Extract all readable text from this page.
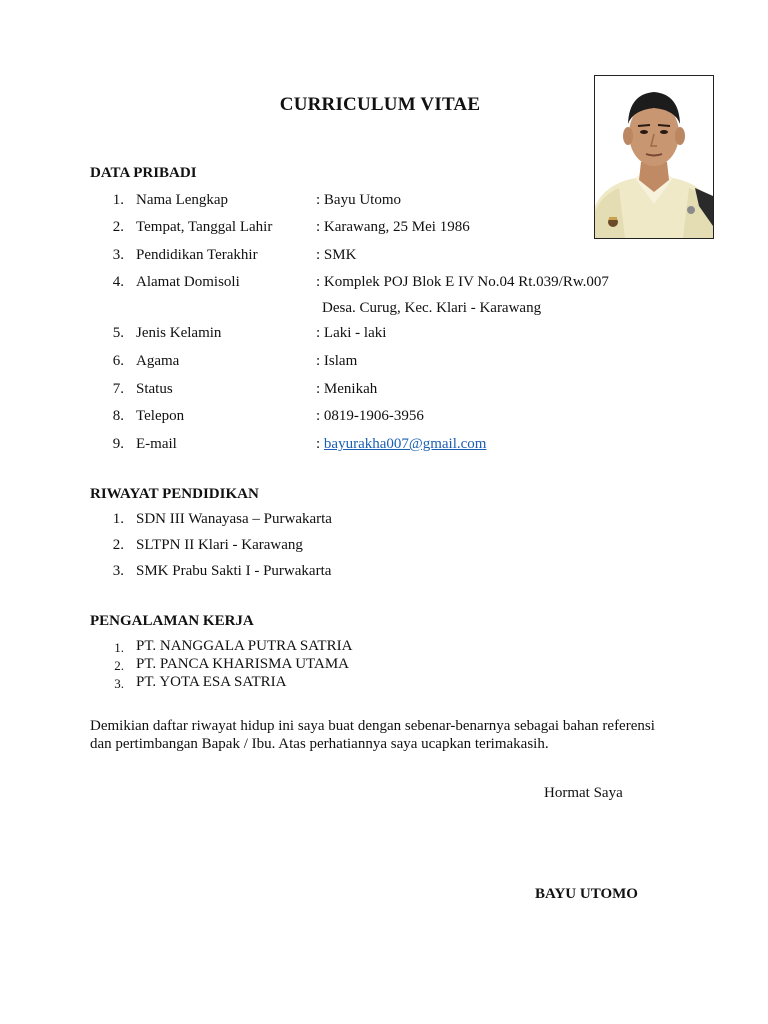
CURRICULUM VITAE
DATA PRIBADI
1. Nama Lengkap	: Bayu Utomo
2. Tempat, Tanggal Lahir	: Karawang, 25 Mei 1986
3. Pendidikan Terakhir	: SMK
4. Alamat Domisoli	: Komplek POJ Blok E IV No.04 Rt.039/Rw.007
Desa. Curug, Kec. Klari - Karawang
5. Jenis Kelamin	: Laki - laki
6. Agama	: Islam
7. Status	: Menikah
8. Telepon	: 0819-1906-3956
9. E-mail	: bayurakha007@gmail.com
RIWAYAT PENDIDIKAN
1. SDN III Wanayasa – Purwakarta
2. SLTPN II Klari - Karawang
3. SMK Prabu Sakti I - Purwakarta
PENGALAMAN KERJA
1. PT. NANGGALA PUTRA SATRIA
2. PT. PANCA KHARISMA UTAMA
3. PT. YOTA ESA SATRIA
Demikian daftar riwayat hidup ini saya buat dengan sebenar-benarnya sebagai bahan referensi
dan pertimbangan Bapak / Ibu. Atas perhatiannya saya ucapkan terimakasih.
Hormat Saya
BAYU UTOMO
